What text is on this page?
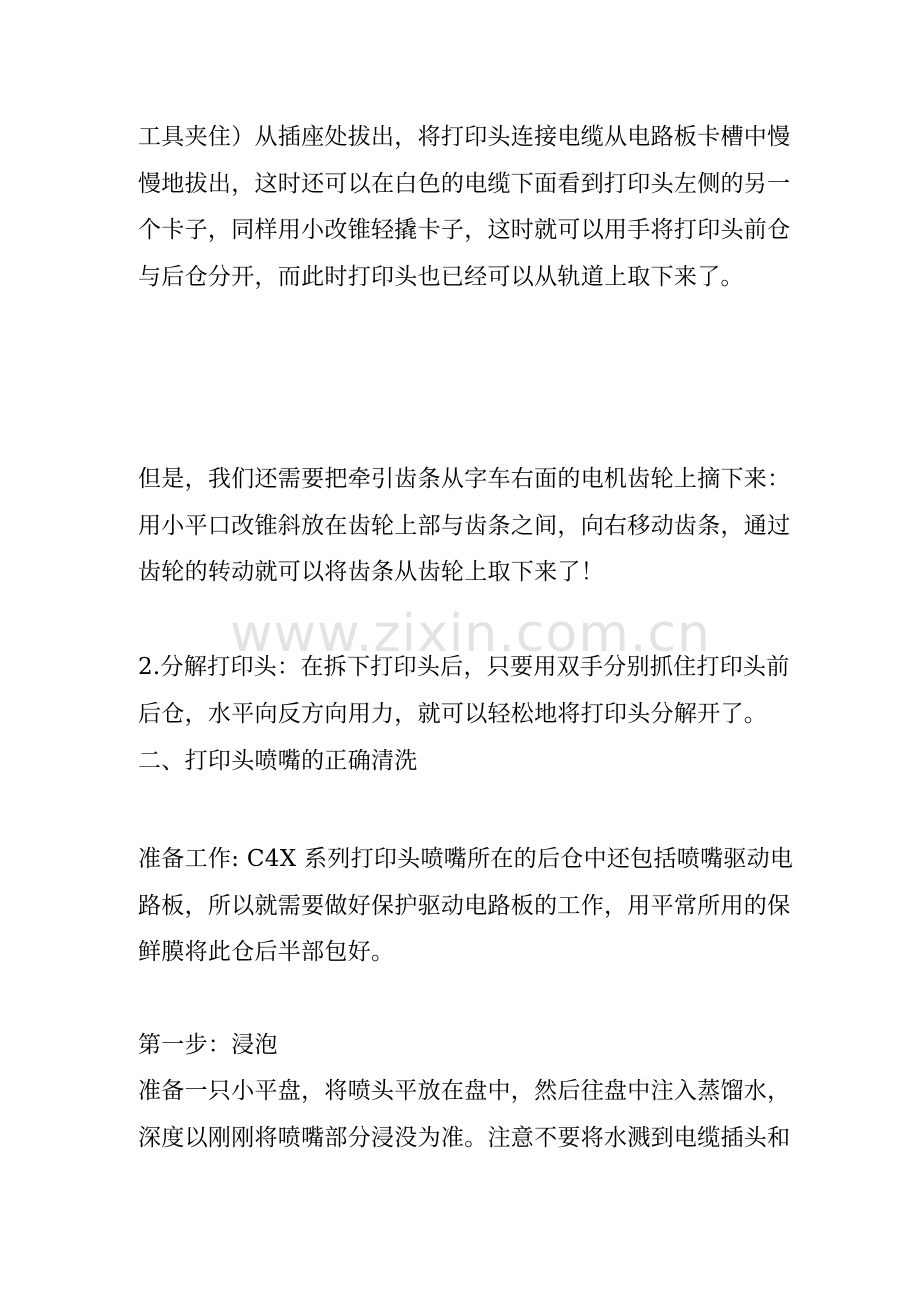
工具夹住）从插座处拔出，将打印头连接电缆从电路板卡槽中慢
慢地拔出，这时还可以在白色的电缆下面看到打印头左侧的另一
个卡子，同样用小改锥轻撬卡子，这时就可以用手将打印头前仓
与后仓分开，而此时打印头也已经可以从轨道上取下来了。

但是，我们还需要把牵引齿条从字车右面的电机齿轮上摘下来：
用小平口改锥斜放在齿轮上部与齿条之间，向右移动齿条，通过
齿轮的转动就可以将齿条从齿轮上取下来了！

www.zixin.com.cn

2.分解打印头：在拆下打印头后，只要用双手分别抓住打印头前
后仓，水平向反方向用力，就可以轻松地将打印头分解开了。

二、打印头喷嘴的正确清洗

准备工作: C4X 系列打印头喷嘴所在的后仓中还包括喷嘴驱动电
路板，所以就需要做好保护驱动电路板的工作，用平常所用的保
鲜膜将此仓后半部包好。

第一步：浸泡

准备一只小平盘，将喷头平放在盘中，然后往盘中注入蒸馏水，
深度以刚刚将喷嘴部分浸没为准。注意不要将水溅到电缆插头和
